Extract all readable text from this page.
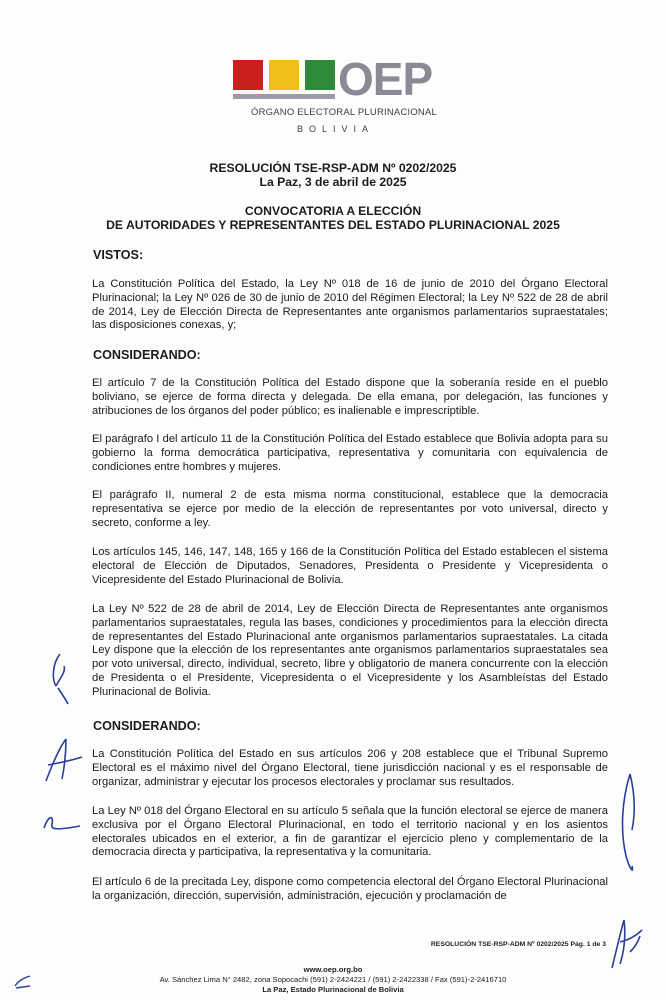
OEP
ÓRGANO ELECTORAL PLURINACIONAL
BOLIVIA
RESOLUCIÓN TSE-RSP-ADM Nº 0202/2025
La Paz, 3 de abril de 2025
CONVOCATORIA A ELECCIÓN
DE AUTORIDADES Y REPRESENTANTES DEL ESTADO PLURINACIONAL 2025
VISTOS:

La Constitución Política del Estado, la Ley Nº 018 de 16 de junio de 2010 del Órgano Electoral Plurinacional; la Ley Nº 026 de 30 de junio de 2010 del Régimen Electoral; la Ley Nº 522 de 28 de abril de 2014, Ley de Elección Directa de Representantes ante organismos parlamentarios supraestatales; las disposiciones conexas, y;

CONSIDERANDO:

El artículo 7 de la Constitución Política del Estado dispone que la soberanía reside en el pueblo boliviano, se ejerce de forma directa y delegada. De ella emana, por delegación, las funciones y atribuciones de los órganos del poder público; es inalienable e imprescriptible.

El parágrafo I del artículo 11 de la Constitución Política del Estado establece que Bolivia adopta para su gobierno la forma democrática participativa, representativa y comunitaria con equivalencia de condiciones entre hombres y mujeres.

El parágrafo II, numeral 2 de esta misma norma constitucional, establece que la democracia representativa se ejerce por medio de la elección de representantes por voto universal, directo y secreto, conforme a ley.

Los artículos 145, 146, 147, 148, 165 y 166 de la Constitución Política del Estado establecen el sistema electoral de Elección de Diputados, Senadores, Presidenta o Presidente y Vicepresidenta o Vicepresidente del Estado Plurinacional de Bolivia.

La Ley Nº 522 de 28 de abril de 2014, Ley de Elección Directa de Representantes ante organismos parlamentarios supraestatales, regula las bases, condiciones y procedimientos para la elección directa de representantes del Estado Plurinacional ante organismos parlamentarios supraestatales. La citada Ley dispone que la elección de los representantes ante organismos parlamentarios supraestatales sea por voto universal, directo, individual, secreto, libre y obligatorio de manera concurrente con la elección de Presidenta o el Presidente, Vicepresidenta o el Vicepresidente y los Asambleístas del Estado Plurinacional de Bolivia.

CONSIDERANDO:

La Constitución Política del Estado en sus artículos 206 y 208 establece que el Tribunal Supremo Electoral es el máximo nivel del Órgano Electoral, tiene jurisdicción nacional y es el responsable de organizar, administrar y ejecutar los procesos electorales y proclamar sus resultados.

La Ley Nº 018 del Órgano Electoral en su artículo 5 señala que la función electoral se ejerce de manera exclusiva por el Órgano Electoral Plurinacional, en todo el territorio nacional y en los asientos electorales ubicados en el exterior, a fin de garantizar el ejercicio pleno y complementario de la democracia directa y participativa, la representativa y la comunitaria.

El artículo 6 de la precitada Ley, dispone como competencia electoral del Órgano Electoral Plurinacional la organización, dirección, supervisión, administración, ejecución y proclamación de

RESOLUCIÓN TSE-RSP-ADM Nº 0202/2025 Pág. 1 de 3
www.oep.org.bo
Av. Sánchez Lima N° 2482, zona Sopocachi (591) 2-2424221 / (591) 2-2422338 / Fax (591)-2-2416710
La Paz, Estado Plurinacional de Bolivia
